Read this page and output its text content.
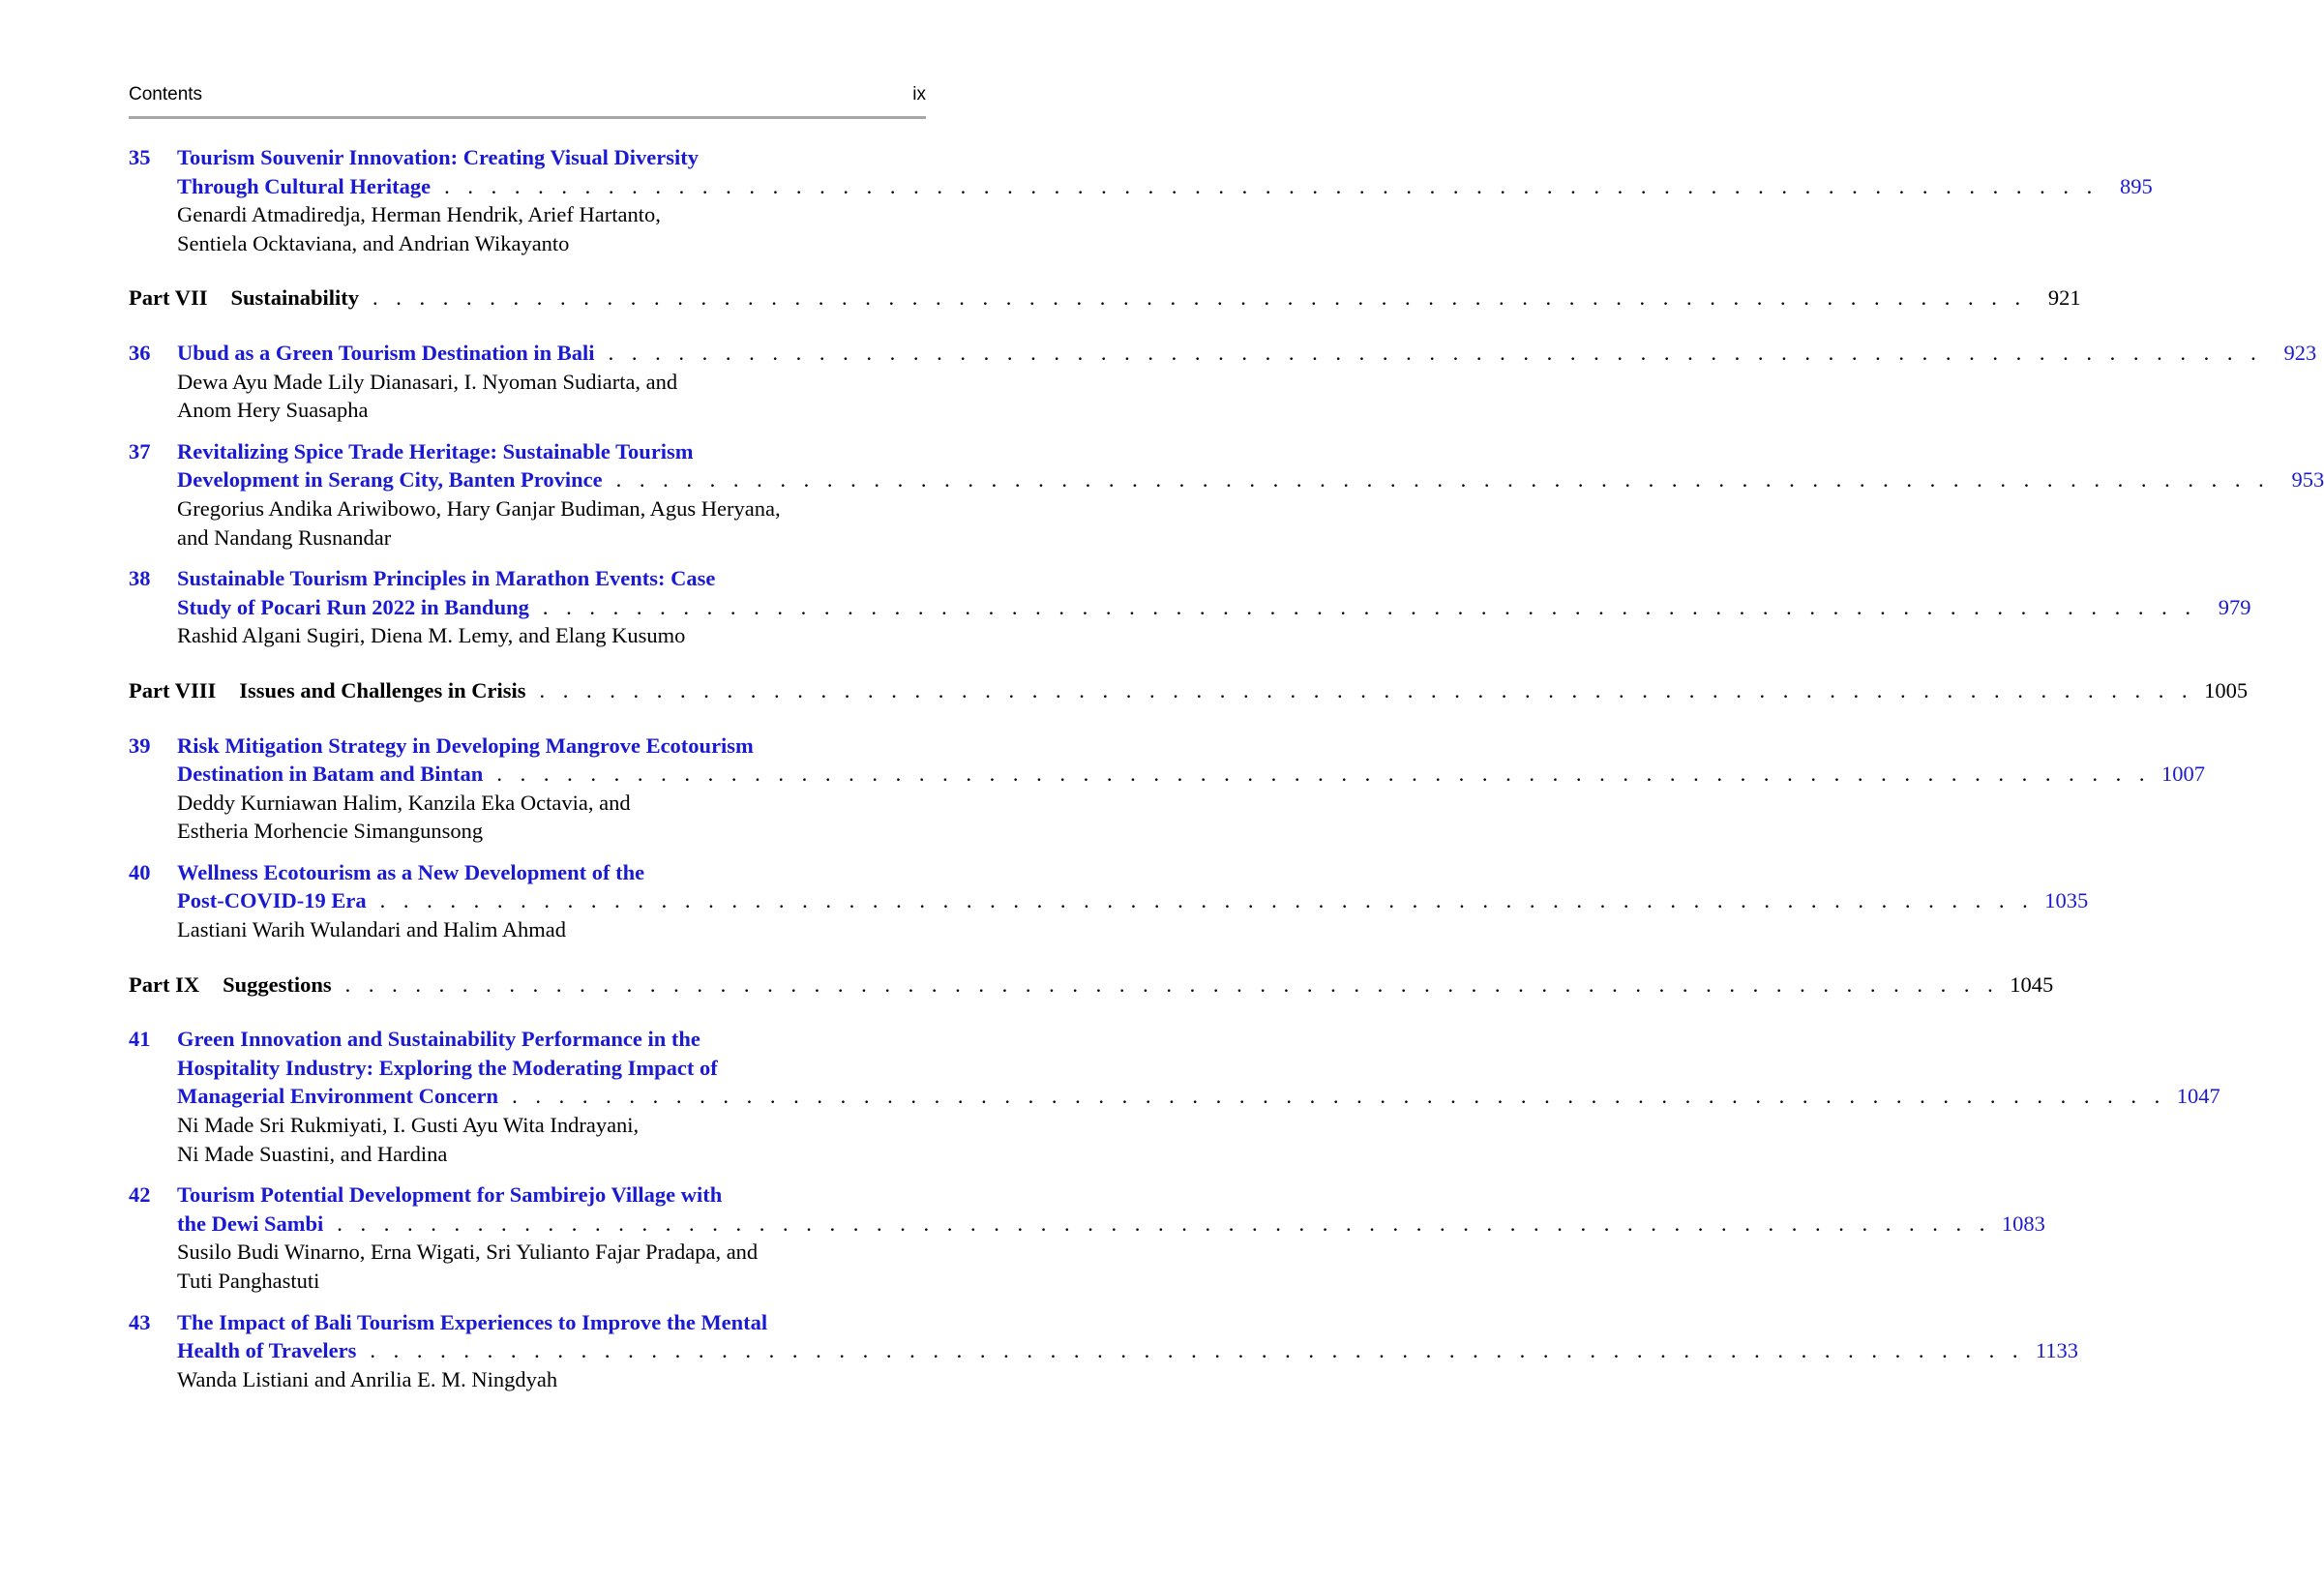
Contents	ix
35 Tourism Souvenir Innovation: Creating Visual Diversity
Through Cultural Heritage . . . . . . . . . . . . . . . . . . . . . . . . . . . . . . . . . . . . . . . . . . . . . . . . . . . . . . . . . . . . . . . . . . . . . . . 895
Genardi Atmadiredja, Herman Hendrik, Arief Hartanto,
Sentiela Ocktaviana, and Andrian Wikayanto
Part VII Sustainability . . . . . . . . . . . . . . . . . . . . . . . . . . . . . . . . . . . . . . . . . . . . . . . . . . . . . . . . . . . . . . . . . . . . . . . 921
36 Ubud as a Green Tourism Destination in Bali . . . . . . . . . . . . . . . . . . . . . . . . . . . . . . . . . . . . . . . . . . . . . . . . . . . . . . . . . . . . . . . . . . . . . . . 923
Dewa Ayu Made Lily Dianasari, I. Nyoman Sudiarta, and
Anom Hery Suasapha
37 Revitalizing Spice Trade Heritage: Sustainable Tourism
Development in Serang City, Banten Province . . . . . . . . . . . . . . . . . . . . . . . . . . . . . . . . . . . . . . . . . . . . . . . . . . . . . . . . . . . . . . . . . . . . . . . 953
Gregorius Andika Ariwibowo, Hary Ganjar Budiman, Agus Heryana,
and Nandang Rusnandar
38 Sustainable Tourism Principles in Marathon Events: Case
Study of Pocari Run 2022 in Bandung . . . . . . . . . . . . . . . . . . . . . . . . . . . . . . . . . . . . . . . . . . . . . . . . . . . . . . . . . . . . . . . . . . . . . . . 979
Rashid Algani Sugiri, Diena M. Lemy, and Elang Kusumo
Part VIII Issues and Challenges in Crisis . . . . . . . . . . . . . . . . . . . . . . . . . . . . . . . . . . . . . . . . . . . . . . . . . . . . . . . . . . . . . . . . . . . . . . . 1005
39 Risk Mitigation Strategy in Developing Mangrove Ecotourism
Destination in Batam and Bintan . . . . . . . . . . . . . . . . . . . . . . . . . . . . . . . . . . . . . . . . . . . . . . . . . . . . . . . . . . . . . . . . . . . . . . . 1007
Deddy Kurniawan Halim, Kanzila Eka Octavia, and
Estheria Morhencie Simangunsong
40 Wellness Ecotourism as a New Development of the
Post-COVID-19 Era . . . . . . . . . . . . . . . . . . . . . . . . . . . . . . . . . . . . . . . . . . . . . . . . . . . . . . . . . . . . . . . . . . . . . . . 1035
Lastiani Warih Wulandari and Halim Ahmad
Part IX Suggestions . . . . . . . . . . . . . . . . . . . . . . . . . . . . . . . . . . . . . . . . . . . . . . . . . . . . . . . . . . . . . . . . . . . . . . . 1045
41 Green Innovation and Sustainability Performance in the
Hospitality Industry: Exploring the Moderating Impact of
Managerial Environment Concern . . . . . . . . . . . . . . . . . . . . . . . . . . . . . . . . . . . . . . . . . . . . . . . . . . . . . . . . . . . . . . . . . . . . . . . 1047
Ni Made Sri Rukmiyati, I. Gusti Ayu Wita Indrayani,
Ni Made Suastini, and Hardina
42 Tourism Potential Development for Sambirejo Village with
the Dewi Sambi . . . . . . . . . . . . . . . . . . . . . . . . . . . . . . . . . . . . . . . . . . . . . . . . . . . . . . . . . . . . . . . . . . . . . . . 1083
Susilo Budi Winarno, Erna Wigati, Sri Yulianto Fajar Pradapa, and
Tuti Panghastuti
43 The Impact of Bali Tourism Experiences to Improve the Mental
Health of Travelers . . . . . . . . . . . . . . . . . . . . . . . . . . . . . . . . . . . . . . . . . . . . . . . . . . . . . . . . . . . . . . . . . . . . . . . 1133
Wanda Listiani and Anrilia E. M. Ningdyah
